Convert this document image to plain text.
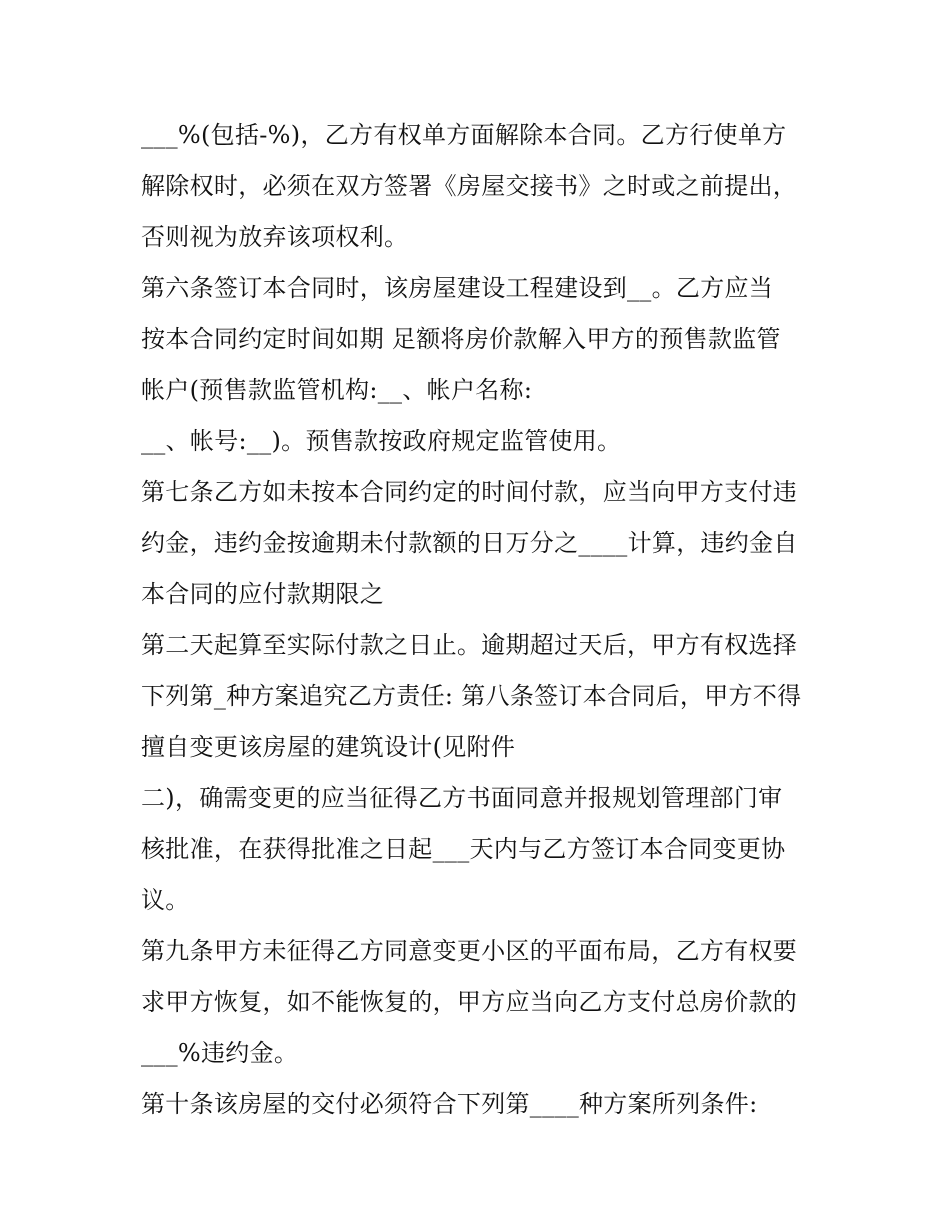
___%(包括-%)，乙方有权单方面解除本合同。乙方行使单方
解除权时，必须在双方签署《房屋交接书》之时或之前提出，
否则视为放弃该项权利。
第六条签订本合同时，该房屋建设工程建设到__。乙方应当
按本合同约定时间如期 足额将房价款解入甲方的预售款监管
帐户(预售款监管机构:__、帐户名称:
__、帐号:__)。预售款按政府规定监管使用。
第七条乙方如未按本合同约定的时间付款，应当向甲方支付违
约金，违约金按逾期未付款额的日万分之____计算，违约金自
本合同的应付款期限之
第二天起算至实际付款之日止。逾期超过天后，甲方有权选择
下列第_种方案追究乙方责任: 第八条签订本合同后，甲方不得
擅自变更该房屋的建筑设计(见附件
二)，确需变更的应当征得乙方书面同意并报规划管理部门审
核批准，在获得批准之日起___天内与乙方签订本合同变更协
议。
第九条甲方未征得乙方同意变更小区的平面布局，乙方有权要
求甲方恢复，如不能恢复的，甲方应当向乙方支付总房价款的
___%违约金。
第十条该房屋的交付必须符合下列第____种方案所列条件:
